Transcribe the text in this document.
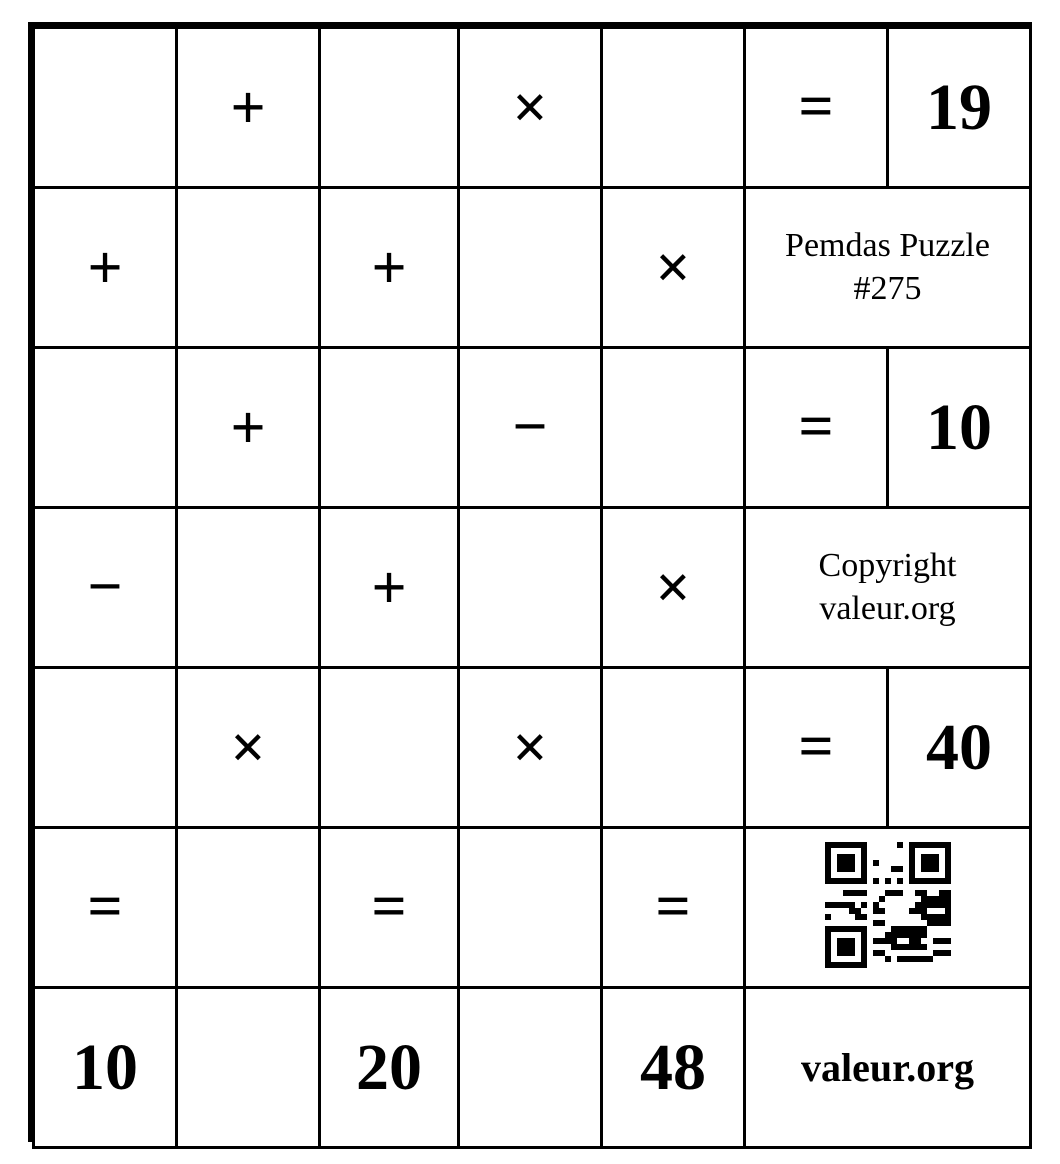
	+		×		=	19
+		+		×	Pemdas Puzzle
#275	

	+		−		=	10
−		+		×	Copyright
valeur.org	

	×		×		=	40
=		=		=		

10		20		48	valeur.org	
